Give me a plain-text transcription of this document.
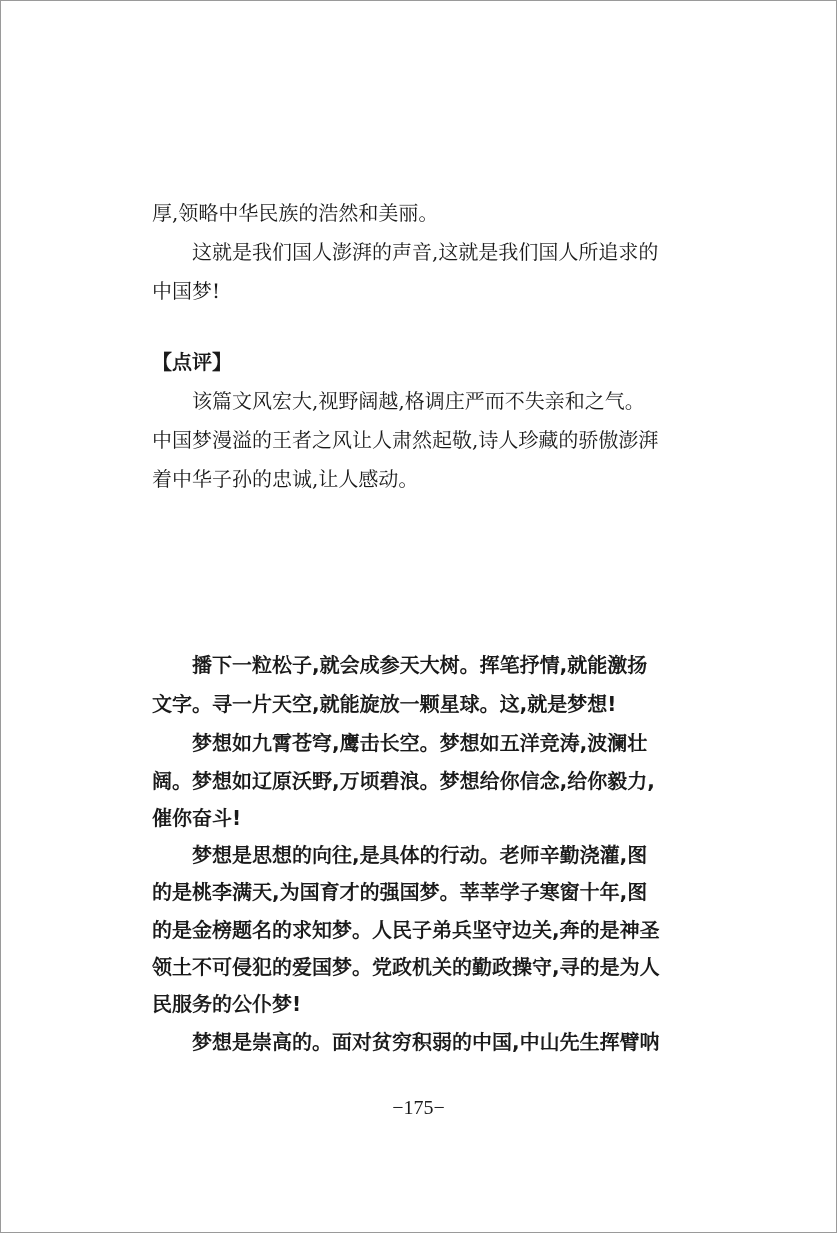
厚,领略中华民族的浩然和美丽。
这就是我们国人澎湃的声音,这就是我们国人所追求的
中国梦!
【点评】
该篇文风宏大,视野阔越,格调庄严而不失亲和之气。
中国梦漫溢的王者之风让人肃然起敬,诗人珍藏的骄傲澎湃
着中华子孙的忠诚,让人感动。
播下一粒松子,就会成参天大树。挥笔抒情,就能激扬
文字。寻一片天空,就能旋放一颗星球。这,就是梦想!
梦想如九霄苍穹,鹰击长空。梦想如五洋竞涛,波澜壮
阔。梦想如辽原沃野,万顷碧浪。梦想给你信念,给你毅力,
催你奋斗!
梦想是思想的向往,是具体的行动。老师辛勤浇灌,图
的是桃李满天,为国育才的强国梦。莘莘学子寒窗十年,图
的是金榜题名的求知梦。人民子弟兵坚守边关,奔的是神圣
领土不可侵犯的爱国梦。党政机关的勤政操守,寻的是为人
民服务的公仆梦!
梦想是崇高的。面对贫穷积弱的中国,中山先生挥臂呐
−175−
